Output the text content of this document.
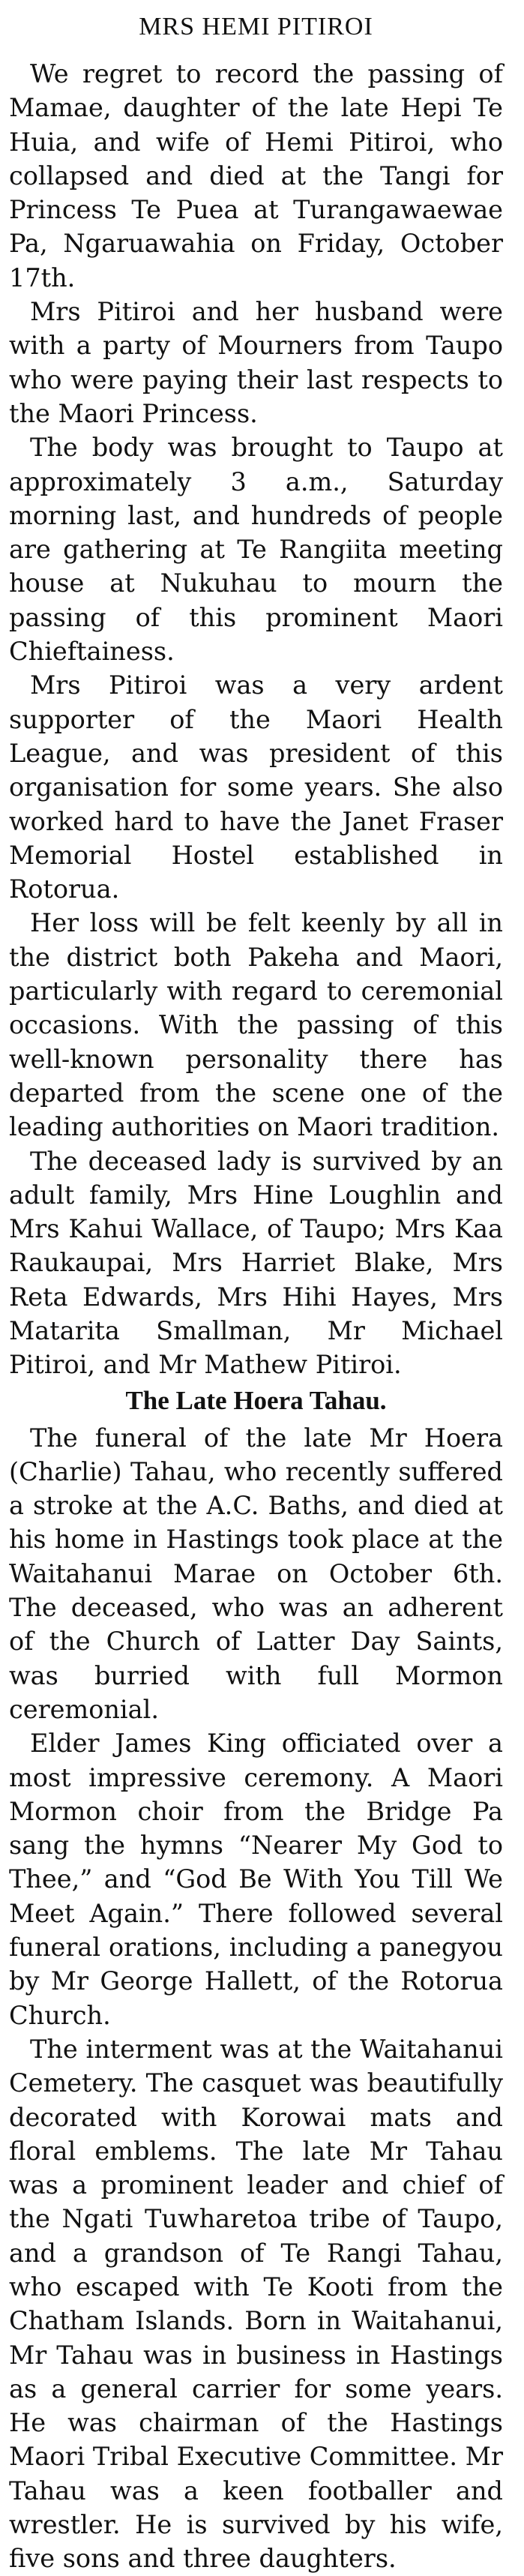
MRS HEMI PITIROI

We regret to record the passing of Mamae, daughter of the late Hepi Te Huia, and wife of Hemi Pitiroi, who collapsed and died at the Tangi for Princess Te Puea at Turangawaewae Pa, Ngaruawahia on Friday, October 17th.

Mrs Pitiroi and her husband were with a party of Mourners from Taupo who were paying their last respects to the Maori Princess.

The body was brought to Taupo at approximately 3 a.m., Saturday morning last, and hundreds of people are gathering at Te Rangiita meeting house at Nukuhau to mourn the passing of this prominent Maori Chieftainess.

Mrs Pitiroi was a very ardent supporter of the Maori Health League, and was president of this organisation for some years. She also worked hard to have the Janet Fraser Memorial Hostel established in Rotorua.

Her loss will be felt keenly by all in the district both Pakeha and Maori, particularly with regard to ceremonial occasions. With the passing of this well-known personality there has departed from the scene one of the leading authorities on Maori tradition.

The deceased lady is survived by an adult family, Mrs Hine Loughlin and Mrs Kahui Wallace, of Taupo; Mrs Kaa Raukaupai, Mrs Harriet Blake, Mrs Reta Edwards, Mrs Hihi Hayes, Mrs Matarita Smallman, Mr Michael Pitiroi, and Mr Mathew Pitiroi.

The Late Hoera Tahau.

The funeral of the late Mr Hoera (Charlie) Tahau, who recently suffered a stroke at the A.C. Baths, and died at his home in Hastings took place at the Waitahanui Marae on October 6th. The deceased, who was an adherent of the Church of Latter Day Saints, was burried with full Mormon ceremonial.

Elder James King officiated over a most impressive ceremony. A Maori Mormon choir from the Bridge Pa sang the hymns “Nearer My God to Thee,” and “God Be With You Till We Meet Again.” There followed several funeral orations, including a panegyou by Mr George Hallett, of the Rotorua Church.

The interment was at the Waitahanui Cemetery. The casquet was beautifully decorated with Korowai mats and floral emblems. The late Mr Tahau was a prominent leader and chief of the Ngati Tuwharetoa tribe of Taupo, and a grandson of Te Rangi Tahau, who escaped with Te Kooti from the Chatham Islands. Born in Waitahanui, Mr Tahau was in business in Hastings as a general carrier for some years. He was chairman of the Hastings Maori Tribal Executive Committee. Mr Tahau was a keen footballer and wrestler. He is survived by his wife, five sons and three daughters.
